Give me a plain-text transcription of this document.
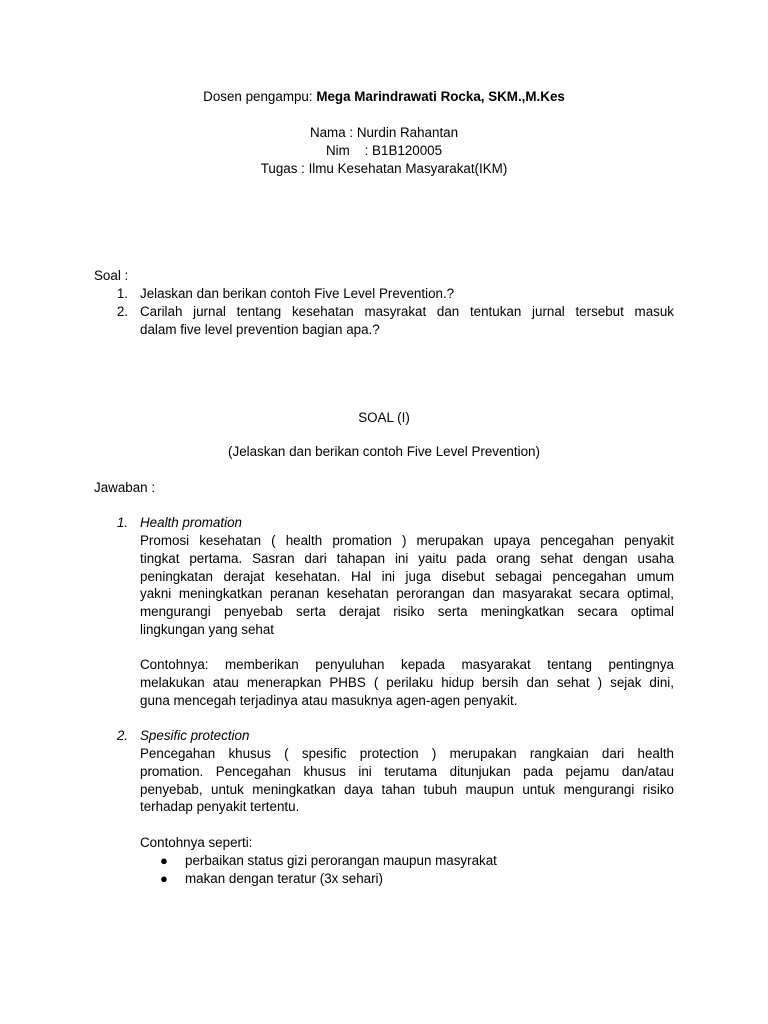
Dosen pengampu: Mega Marindrawati Rocka, SKM.,M.Kes
Nama : Nurdin Rahantan
Nim    : B1B120005
Tugas : Ilmu Kesehatan Masyarakat(IKM)
Soal :
1. Jelaskan dan berikan contoh Five Level Prevention.?
2. Carilah jurnal tentang kesehatan masyrakat dan tentukan jurnal tersebut masuk
dalam five level prevention bagian apa.?
SOAL (I)
(Jelaskan dan berikan contoh Five Level Prevention)
Jawaban :
1. Health promation
Promosi kesehatan ( health promation ) merupakan upaya pencegahan penyakit
tingkat pertama. Sasran dari tahapan ini yaitu pada orang sehat dengan usaha
peningkatan derajat kesehatan. Hal ini juga disebut sebagai pencegahan umum
yakni meningkatkan peranan kesehatan perorangan dan masyarakat secara optimal,
mengurangi penyebab serta derajat risiko serta meningkatkan secara optimal
lingkungan yang sehat
Contohnya: memberikan penyuluhan kepada masyarakat tentang pentingnya
melakukan atau menerapkan PHBS ( perilaku hidup bersih dan sehat ) sejak dini,
guna mencegah terjadinya atau masuknya agen-agen penyakit.
2. Spesific protection
Pencegahan khusus ( spesific protection ) merupakan rangkaian dari health
promation. Pencegahan khusus ini terutama ditunjukan pada pejamu dan/atau
penyebab, untuk meningkatkan daya tahan tubuh maupun untuk mengurangi risiko
terhadap penyakit tertentu.
Contohnya seperti:
● perbaikan status gizi perorangan maupun masyrakat
● makan dengan teratur (3x sehari)
